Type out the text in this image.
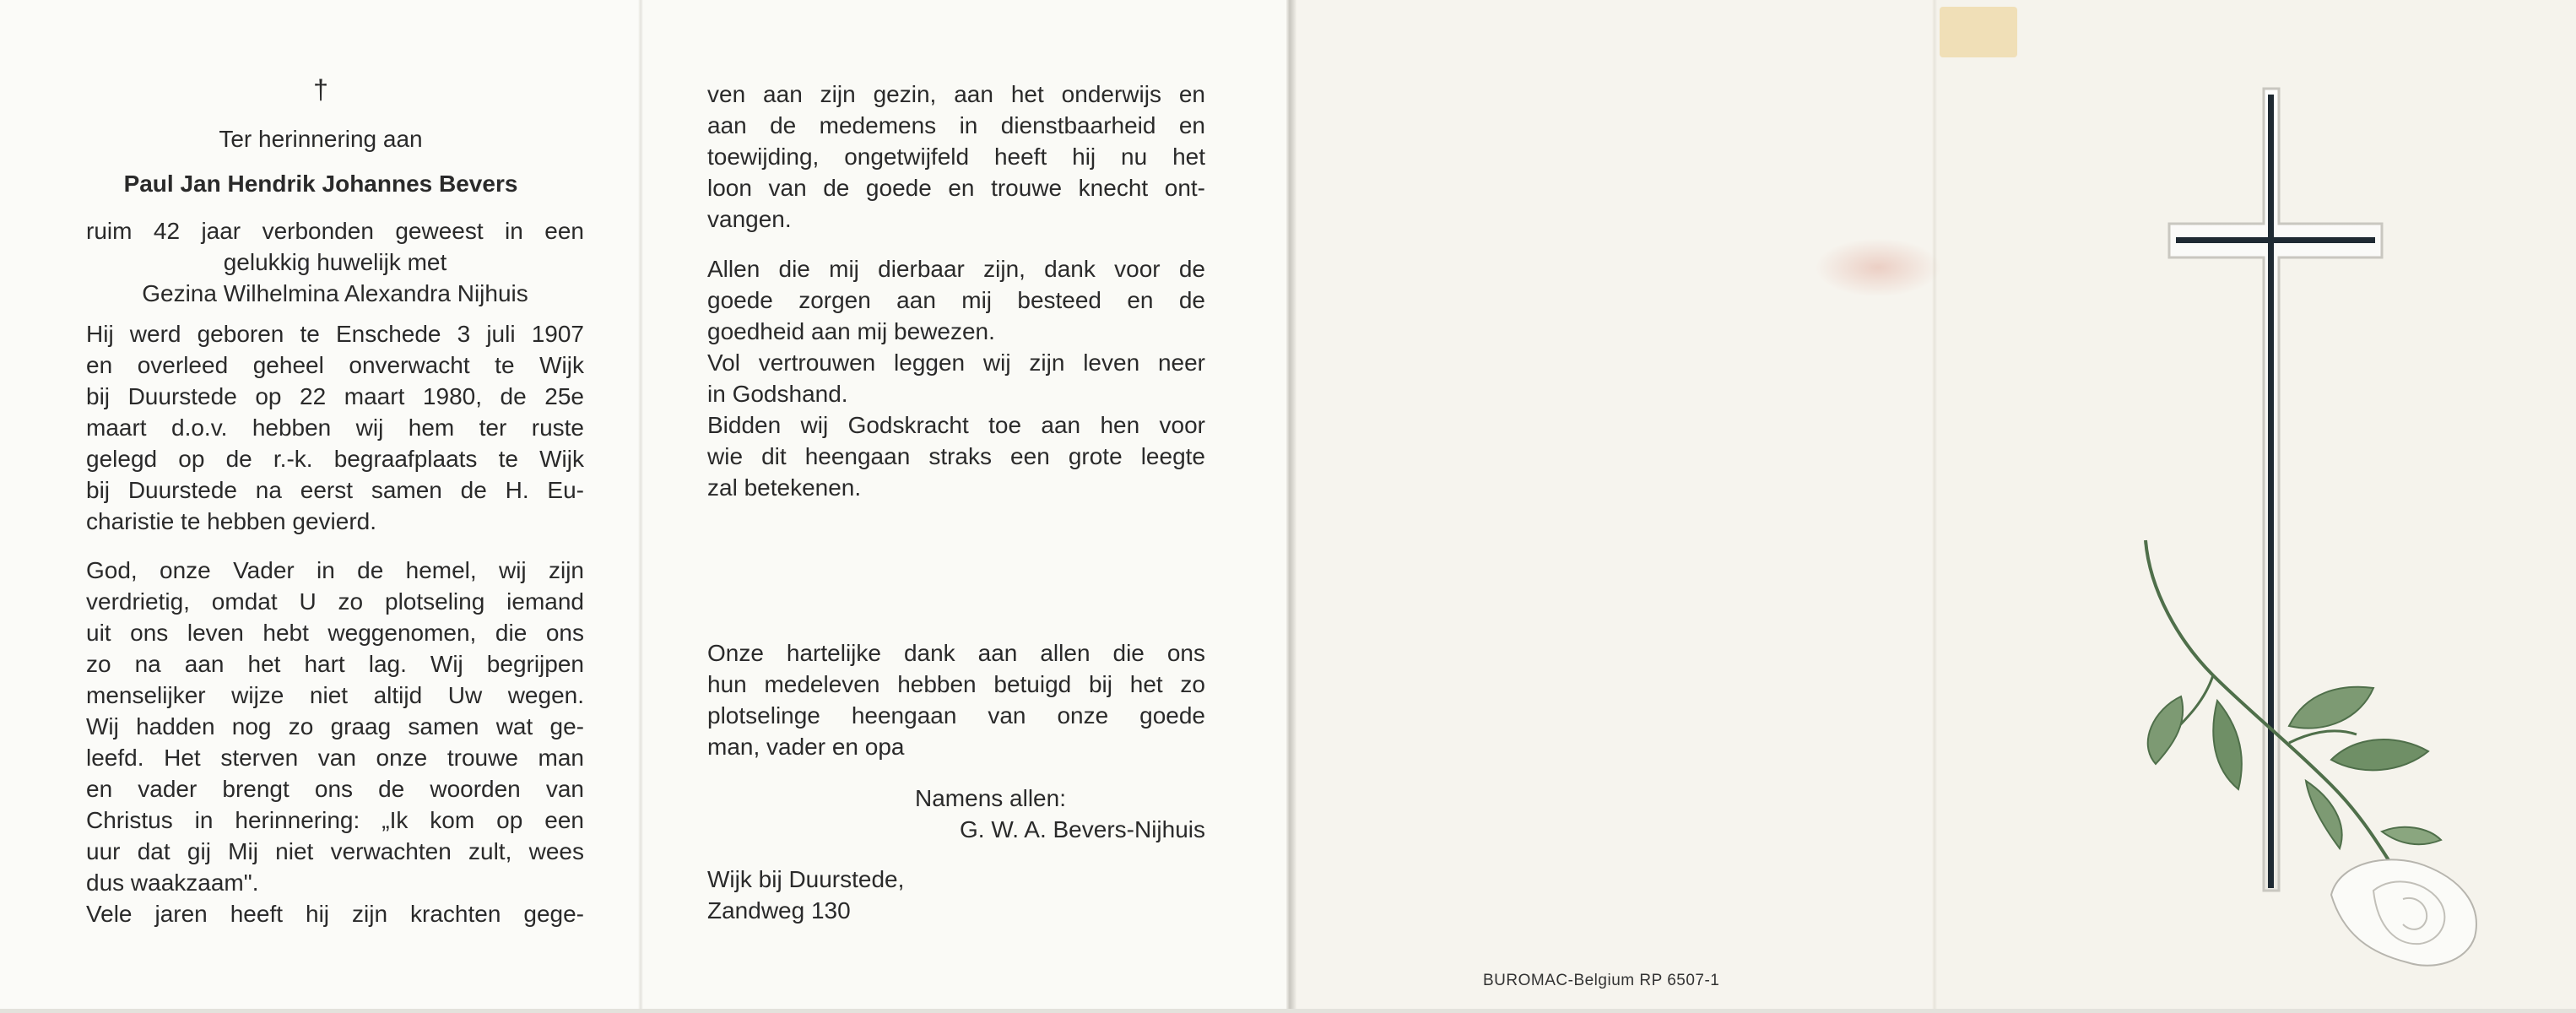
†

Ter herinnering aan

Paul Jan Hendrik Johannes Bevers

ruim 42 jaar verbonden geweest in een
gelukkig huwelijk met
Gezina Wilhelmina Alexandra Nijhuis
Hij werd geboren te Enschede 3 juli 1907
en overleed geheel onverwacht te Wijk
bij Duurstede op 22 maart 1980, de 25e
maart d.o.v. hebben wij hem ter ruste
gelegd op de r.-k. begraafplaats te Wijk
bij Duurstede na eerst samen de H. Eu-
charistie te hebben gevierd.
God, onze Vader in de hemel, wij zijn
verdrietig, omdat U zo plotseling iemand
uit ons leven hebt weggenomen, die ons
zo na aan het hart lag. Wij begrijpen
menselijker wijze niet altijd Uw wegen.
Wij hadden nog zo graag samen wat ge-
leefd. Het sterven van onze trouwe man
en vader brengt ons de woorden van
Christus in herinnering: „Ik kom op een
uur dat gij Mij niet verwachten zult, wees
dus waakzaam".
Vele jaren heeft hij zijn krachten gege-
ven aan zijn gezin, aan het onderwijs en
aan de medemens in dienstbaarheid en
toewijding, ongetwijfeld heeft hij nu het
loon van de goede en trouwe knecht ont-
vangen.
Allen die mij dierbaar zijn, dank voor de
goede zorgen aan mij besteed en de
goedheid aan mij bewezen.
Vol vertrouwen leggen wij zijn leven neer
in Godshand.
Bidden wij Godskracht toe aan hen voor
wie dit heengaan straks een grote leegte
zal betekenen.
Onze hartelijke dank aan allen die ons
hun medeleven hebben betuigd bij het zo
plotselinge heengaan van onze goede
man, vader en opa
Namens allen:
G. W. A. Bevers-Nijhuis
Wijk bij Duurstede,
Zandweg 130

BUROMAC-Belgium RP 6507-1
